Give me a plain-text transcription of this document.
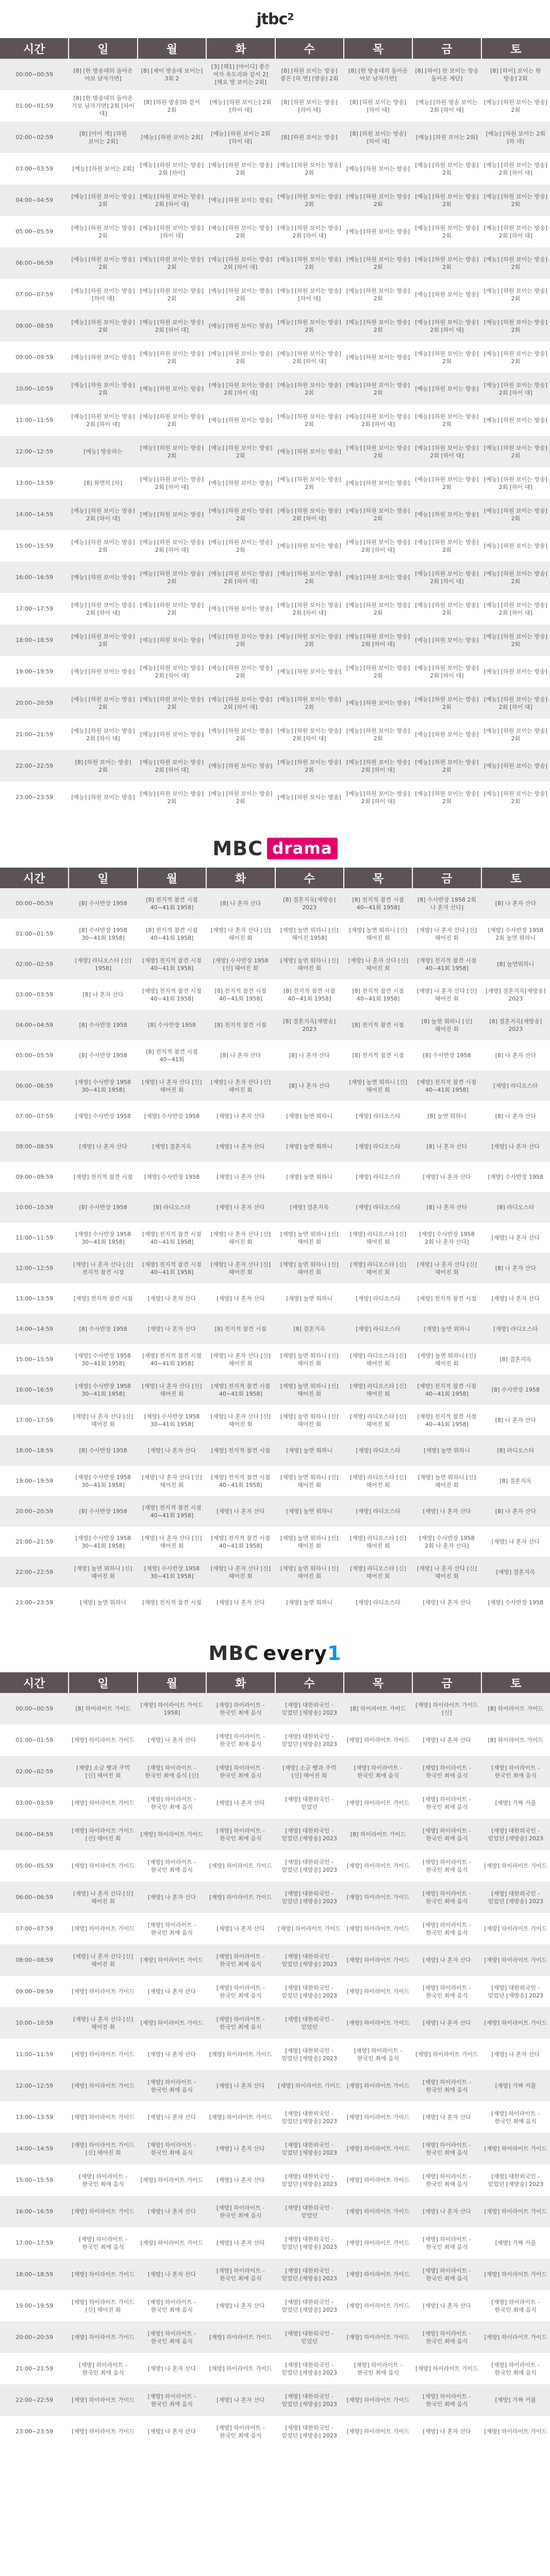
jtbc$^2$
시간	일	월	화	수	목	금	토
00:00~00:59	[8] [한 방송대의 돌아온 아보 남자가면]	[8] [제이 방송대 보이는] 3회 2	[3] [해1] [마이디] 좋은 여자 속도리와 같서 2] [해요 방 보이는 2회]	[8] [하원 보이는 방송] 좋은 [하 면] [방송] 2회	[8] [한 방송대의 돌아온 아보 남자가면]	[8] [하이] 한 보이는 방송 돌아온 계단]	[8] [하이] 보이는 한 방송] 2회
01:00~01:59	[8] [한 방송대의 돌아온 가보 남자가면] 2회 [하이 대]	[8] [하원 방송]와 같서 2회	[예능] [하원 보이는] 2회 [하이 대]	[8] [하원 보이는 방송] [하이 대]	[8] [하원 보이는 방송] [하이 대]	[예능] [하원 방송 보이는 2회 [하이 대]	[예능] [하원 보이는 방송] 2회
02:00~02:59	[8] [아이 계] [하원 보이는 2회]	[예능] [하원 보이는 2회]	[예능] [하원 보이는 2회 [하이 대]	[8] [하원 보이는 방송]	[8] [하원 보이는 방송] [하이 대]	[예능] [하원 보이는 2회]	[예능] [하원 보이는 2회 [하 대]
03:00~03:59	[예능] [하원 보이는 2회]	[예능] [하원 보이는 방송] 2회 [하이]	[예능] [하원 보이는 방송] 2회	[예능] [하원 보이는 방송] 2회	[예능] [하원 보이는 방송]	[예능] [하원 보이는 방송] 2회	[예능] [하원 보이는 방송] 2회 [하이 대]
04:00~04:59	[예능] [하원 보이는 방송] 2회	[예능] [하원 보이는 방송] 2회 [하이 대]	[예능] [하원 보이는 방송]	[예능] [하원 보이는 방송] 2회	[예능] [하원 보이는 방송] 2회	[예능] [하원 보이는 방송] 2회	[예능] [하원 보이는 방송] 2회
05:00~05:59	[예능] [하원 보이는 방송] 2회	[예능] [하원 보이는 방송] [하이 대]	[예능] [하원 보이는 방송] 2회	[예능] [하원 보이는 방송] 2회 [하이 대]	[예능] [하원 보이는 방송]	[예능] [하원 보이는 방송] 2회	[예능] [하원 보이는 방송] 2회 [하이 대]
06:00~06:59	[예능] [하원 보이는 방송] 2회	[예능] [하원 보이는 방송] 2회	[예능] [하원 보이는 방송] 2회 [하이 대]	[예능] [하원 보이는 방송] 2회	[예능] [하원 보이는 방송] 2회	[예능] [하원 보이는 방송] 2회	[예능] [하원 보이는 방송] 2회
07:00~07:59	[예능] [하원 보이는 방송] [하이 대]	[예능] [하원 보이는 방송] 2회	[예능] [하원 보이는 방송] 2회	[예능] [하원 보이는 방송] [하이 대]	[예능] [하원 보이는 방송] 2회	[예능] [하원 보이는 방송]	[예능] [하원 보이는 방송] 2회
08:00~08:59	[예능] [하원 보이는 방송] 2회	[예능] [하원 보이는 방송] 2회 [하이 대]	[예능] [하원 보이는 방송]	[예능] [하원 보이는 방송] 2회	[예능] [하원 보이는 방송] 2회	[예능] [하원 보이는 방송] 2회 [하이 대]	[예능] [하원 보이는 방송] 2회
09:00~09:59	[예능] [하원 보이는 방송]	[예능] [하원 보이는 방송] 2회	[예능] [하원 보이는 방송] 2회	[예능] [하원 보이는 방송] 2회 [하이 대]	[예능] [하원 보이는 방송]	[예능] [하원 보이는 방송] 2회	[예능] [하원 보이는 방송] 2회
10:00~10:59	[예능] [하원 보이는 방송] 2회	[예능] [하원 보이는 방송]	[예능] [하원 보이는 방송] 2회 [하이 대]	[예능] [하원 보이는 방송] 2회	[예능] [하원 보이는 방송] 2회	[예능] [하원 보이는 방송]	[예능] [하원 보이는 방송] 2회 [하이 대]
11:00~11:59	[예능] [하원 보이는 방송] 2회 [하이 대]	[예능] [하원 보이는 방송] 2회	[예능] [하원 보이는 방송]	[예능] [하원 보이는 방송] 2회	[예능] [하원 보이는 방송] 2회 [하이 대]	[예능] [하원 보이는 방송] 2회	[예능] [하원 보이는 방송]
12:00~12:59	[예능] 방송하는	[예능] [하원 보이는 방송] 2회	[예능] [하원 보이는 방송] 2회	[예능] [하원 보이는 방송]	[예능] [하원 보이는 방송] 2회	[예능] [하원 보이는 방송] 2회 [하이 대]	[예능] [하원 보이는 방송] 2회
13:00~13:59	[8] 화면의 [하]	[예능] [하원 보이는 방송] 2회 [하이 대]	[예능] [하원 보이는 방송]	[예능] [하원 보이는 방송] 2회	[예능] [하원 보이는 방송]	[예능] [하원 보이는 방송] 2회	[예능] [하원 보이는 방송] 2회 [하이 대]
14:00~14:59	[예능] [하원 보이는 방송] 2회 [하이 대]	[예능] [하원 보이는 방송]	[예능] [하원 보이는 방송] 2회	[예능] [하원 보이는 방송] 2회 [하이 대]	[예능] [하원 보이는 방송] 2회	[예능] [하원 보이는 방송]	[예능] [하원 보이는 방송] 2회
15:00~15:59	[예능] [하원 보이는 방송] 2회	[예능] [하원 보이는 방송] 2회 [하이 대]	[예능] [하원 보이는 방송] 2회	[예능] [하원 보이는 방송]	[예능] [하원 보이는 방송] 2회 [하이 대]	[예능] [하원 보이는 방송] 2회	[예능] [하원 보이는 방송]
16:00~16:59	[예능] [하원 보이는 방송]	[예능] [하원 보이는 방송] 2회	[예능] [하원 보이는 방송] 2회 [하이 대]	[예능] [하원 보이는 방송] 2회	[예능] [하원 보이는 방송]	[예능] [하원 보이는 방송] 2회 [하이 대]	[예능] [하원 보이는 방송] 2회
17:00~17:59	[예능] [하원 보이는 방송] 2회 [하이 대]	[예능] [하원 보이는 방송] 2회	[예능] [하원 보이는 방송]	[예능] [하원 보이는 방송] 2회 [하이 대]	[예능] [하원 보이는 방송] 2회	[예능] [하원 보이는 방송] 2회	[예능] [하원 보이는 방송] 2회 [하이 대]
18:00~18:59	[예능] [하원 보이는 방송] 2회	[예능] [하원 보이는 방송]	[예능] [하원 보이는 방송] 2회	[예능] [하원 보이는 방송] 2회	[예능] [하원 보이는 방송] 2회 [하이 대]	[예능] [하원 보이는 방송]	[예능] [하원 보이는 방송] 2회
19:00~19:59	[예능] [하원 보이는 방송]	[예능] [하원 보이는 방송] 2회 [하이 대]	[예능] [하원 보이는 방송] 2회	[예능] [하원 보이는 방송]	[예능] [하원 보이는 방송] 2회	[예능] [하원 보이는 방송] 2회 [하이 대]	[예능] [하원 보이는 방송]
20:00~20:59	[예능] [하원 보이는 방송] 2회	[예능] [하원 보이는 방송] 2회	[예능] [하원 보이는 방송] 2회 [하이 대]	[예능] [하원 보이는 방송] 2회	[예능] [하원 보이는 방송]	[예능] [하원 보이는 방송] 2회	[예능] [하원 보이는 방송] 2회 [하이 대]
21:00~21:59	[예능] [하원 보이는 방송] 2회 [하이 대]	[예능] [하원 보이는 방송]	[예능] [하원 보이는 방송] 2회	[예능] [하원 보이는 방송] 2회 [하이 대]	[예능] [하원 보이는 방송] 2회	[예능] [하원 보이는 방송]	[예능] [하원 보이는 방송] 2회
22:00~22:59	[8] [하원 보이는 방송] 2회	[예능] [하원 보이는 방송] 2회 [하이 대]	[예능] [하원 보이는 방송]	[예능] [하원 보이는 방송] 2회	[예능] [하원 보이는 방송] 2회 [하이 대]	[예능] [하원 보이는 방송] 2회	[예능] [하원 보이는 방송]
23:00~23:59	[예능] [하원 보이는 방송]	[예능] [하원 보이는 방송] 2회	[예능] [하원 보이는 방송] 2회	[예능] [하원 보이는 방송]	[예능] [하원 보이는 방송] 2회 [하이 대]	[예능] [하원 보이는 방송] 2회	[예능] [하원 보이는 방송] 2회
MBC drama
시간	일	월	화	수	목	금	토
00:00~00:59	[8] 수사반장 1958	[8] 전지적 참견 시점 40~41회 1958]	[8] 나 혼자 산다	[8] 결혼지옥[재방송] 2023	[8] 전지적 참견 시점 40~41회 1958]	[8] 수사반장 1958 2회 나 혼자 산다]	[8] 나 혼자 산다
01:00~01:59	[8] 수사반장 1958 30~41회 1958]	[8] 전지적 참견 시점 40~41회 1958]	[재방] 나 혼자 산다 [신] 헤어진 회	[재방] 놀면 뭐하니 [신] 헤어진 1958]	[재방] 놀면 뭐하니 [신] 헤어진 회	[재방] 나 혼자 산다 [신] 헤어진 회	[재방] 수사반장 1958 2회 놀면 뭐하니
02:00~02:59	[재방] 라디오스타 [신] 1958]	[재방] 전지적 참견 시점 40~41회 1958]	[재방] 수사반장 1958 [신] 헤어진 회	[재방] 놀면 뭐하니 [신] 헤어진 회	[재방] 나 혼자 산다 [신] 헤어진 회	[재방] 전지적 참견 시점 40~41회 1958]	[8] 놀면뭐하니
03:00~03:59	[8] 나 혼자 산다	[재방] 전지적 참견 시점 40~41회 1958]	[8] 전지적 참견 시점 40~41회 1958]	[8] 전지적 참견 시점 40~41회 1958]	[8] 전지적 참견 시점 40~41회 1958]	[재방] 나 혼자 산다 [신] 헤어진 회	[재방] 결혼지옥[재방송] 2023
04:00~04:59	[8] 수사반장 1958	[8] 수사반장 1958	[8] 전지적 참견 시점	[8] 결혼지옥[재방송] 2023	[8] 전지적 참견 시점	[8] 놀면 뭐하니 [신] 헤어진 회	[8] 결혼지옥[재방송] 2023
05:00~05:59	[8] 수사반장 1958	[8] 전지적 참견 시점 40~41회	[8] 나 혼자 산다	[8] 나 혼자 산다	[8] 전지적 참견 시점	[8] 수사반장 1958	[8] 나 혼자 산다
06:00~06:59	[재방] 수사반장 1958 30~41회 1958]	[재방] 나 혼자 산다 [신] 헤어진 회	[재방] 나 혼자 산다 [신] 헤어진 회	[8] 나 혼자 산다	[재방] 놀면 뭐하니 [신] 헤어진 회	[재방] 전지적 참견 시점 40~41회 1958]	[재방] 라디오스타
07:00~07:59	[재방] 수사반장 1958	[재방] 수사반장 1958	[재방] 나 혼자 산다	[재방] 놀면 뭐하니	[재방] 라디오스타	[8] 놀면 뭐하니	[8] 나 혼자 산다
08:00~08:59	[재방] 나 혼자 산다	[재방] 결혼지옥	[재방] 나 혼자 산다	[재방] 놀면 뭐하니	[재방] 라디오스타	[8] 나 혼자 산다	[재방] 나 혼자 산다
09:00~09:59	[재방] 전지적 참견 시점	[재방] 수사반장 1958	[재방] 나 혼자 산다	[재방] 놀면 뭐하니	[재방] 라디오스타	[재방] 나 혼자 산다	[재방] 수사반장 1958
10:00~10:59	[8] 수사반장 1958	[8] 라디오스타	[재방] 나 혼자 산다	[재방] 결혼지옥	[재방] 라디오스타	[8] 나 혼자 산다	[8] 라디오스타
11:00~11:59	[재방] 수사반장 1958 30~41회 1958]	[재방] 전지적 참견 시점 40~41회 1958]	[재방] 나 혼자 산다 [신] 헤어진 회	[재방] 놀면 뭐하니 [신] 헤어진 회	[재방] 라디오스타 [신] 헤어진 회	[재방] 수사반장 1958 2회 나 혼자 산다]	[재방] 나 혼자 산다
12:00~12:59	[재방] 나 혼자 산다 [신] 전지적 참견 시점	[재방] 전지적 참견 시점 40~41회 1958]	[재방] 나 혼자 산다 [신] 헤어진 회	[재방] 놀면 뭐하니 [신] 헤어진 회	[재방] 라디오스타 [신] 헤어진 회	[재방] 나 혼자 산다 [신] 헤어진 회	[8] 나 혼자 산다
13:00~13:59	[재방] 전지적 참견 시점	[재방] 나 혼자 산다	[재방] 나 혼자 산다	[재방] 놀면 뭐하니	[재방] 라디오스타	[재방] 전지적 참견 시점	[재방] 나 혼자 산다
14:00~14:59	[8] 수사반장 1958	[재방] 나 혼자 산다	[8] 전지적 참견 시점	[8] 결혼지옥	[재방] 라디오스타	[재방] 놀면 뭐하니	[재방] 라디오스타
15:00~15:59	[재방] 수사반장 1958 30~41회 1958]	[재방] 전지적 참견 시점 40~41회 1958]	[재방] 나 혼자 산다 [신] 헤어진 회	[재방] 놀면 뭐하니 [신] 헤어진 회	[재방] 라디오스타 [신] 헤어진 회	[재방] 놀면 뭐하니 [신] 헤어진 회	[8] 결혼지옥
16:00~16:59	[재방] 수사반장 1958 30~41회 1958]	[재방] 나 혼자 산다 [신] 헤어진 회	[재방] 전지적 참견 시점 40~41회 1958]	[재방] 놀면 뭐하니 [신] 헤어진 회	[재방] 라디오스타 [신] 헤어진 회	[재방] 전지적 참견 시점 40~41회 1958]	[8] 수사반장 1958
17:00~17:59	[재방] 나 혼자 산다 [신] 헤어진 회	[재방] 수사반장 1958 30~41회 1958]	[재방] 나 혼자 산다 [신] 헤어진 회	[재방] 놀면 뭐하니 [신] 헤어진 회	[재방] 라디오스타 [신] 헤어진 회	[재방] 전지적 참견 시점 40~41회 1958]	[8] 나 혼자 산다
18:00~18:59	[8] 수사반장 1958	[재방] 나 혼자 산다	[재방] 전지적 참견 시점	[재방] 놀면 뭐하니	[재방] 라디오스타	[재방] 놀면 뭐하니	[8] 라디오스타
19:00~19:59	[재방] 수사반장 1958 30~41회 1958]	[재방] 나 혼자 산다 [신] 헤어진 회	[재방] 전지적 참견 시점 40~41회 1958]	[재방] 놀면 뭐하니 [신] 헤어진 회	[재방] 라디오스타 [신] 헤어진 회	[재방] 놀면 뭐하니 [신] 헤어진 회	[8] 결혼지옥
20:00~20:59	[8] 수사반장 1958	[재방] 전지적 참견 시점 40~41회 1958]	[재방] 나 혼자 산다	[재방] 놀면 뭐하니	[재방] 라디오스타	[재방] 나 혼자 산다	[8] 나 혼자 산다
21:00~21:59	[재방] 수사반장 1958 30~41회 1958]	[재방] 나 혼자 산다 [신] 헤어진 회	[재방] 전지적 참견 시점 40~41회 1958]	[재방] 놀면 뭐하니 [신] 헤어진 회	[재방] 라디오스타 [신] 헤어진 회	[재방] 수사반장 1958 2회 나 혼자 산다]	[재방] 나 혼자 산다
22:00~22:59	[재방] 놀면 뭐하니 [신] 헤어진 회	[재방] 수사반장 1958 30~41회 1958]	[재방] 나 혼자 산다 [신] 헤어진 회	[재방] 놀면 뭐하니 [신] 헤어진 회	[재방] 라디오스타 [신] 헤어진 회	[재방] 나 혼자 산다 [신] 헤어진 회	[재방] 결혼지옥
23:00~23:59	[재방] 놀면 뭐하니	[재방] 전지적 참견 시점	[재방] 나 혼자 산다	[재방] 놀면 뭐하니	[재방] 라디오스타	[재방] 나 혼자 산다	[재방] 수사반장 1958
MBC every 1
시간	일	월	화	수	목	금	토
00:00~00:59	[8] 하이라이트 가이드	[재방] 하이라이트 가이드 1958]	[재방] 하이라이트 - 한국인 최애 음식	[재방] 대한외국인 - 믿었던 [재방송] 2023	[8] 하이라이트 가이드	[재방] 하이라이트 가이드 [신]	[8] 하이라이트 가이드
01:00~01:59	[재방] 하이라이트 가이드	[재방] 나 혼자 산다	[재방] 하이라이트 - 한국인 최애 음식	[재방] 대한외국인 - 믿었던 [재방송] 2023	[재방] 하이라이트 가이드	[재방] 나 혼자 산다	[8] 하이라이트 가이드
02:00~02:59	[재방] 소금 빵과 주먹 [신] 헤어진 회	[재방] 하이라이트 - 한국인 최애 음식 [신]	[재방] 하이라이트 - 한국인 최애 음식	[재방] 소금 빵과 주먹 [신] 헤어진 회	[재방] 하이라이트 - 한국인 최애 음식	[재방] 하이라이트 - 한국인 최애 음식	[재방] 하이라이트 - 한국인 최애 음식
03:00~03:59	[재방] 하이라이트 가이드	[재방] 하이라이트 - 한국인 최애 음식	[재방] 나 혼자 산다	[재방] 대한외국인 - 믿었던	[재방] 하이라이트 가이드	[재방] 하이라이트 - 한국인 최애 음식	[재방] 가짜 커플
04:00~04:59	[재방] 하이라이트 가이드 [신] 헤어진 회	[재방] 하이라이트 가이드	[재방] 하이라이트 - 한국인 최애 음식	[재방] 대한외국인 - 믿었던 [재방송] 2023	[8] 하이라이트 가이드	[재방] 하이라이트 - 한국인 최애 음식	[재방] 대한외국인 - 믿었던 [재방송] 2023
05:00~05:59	[재방] 하이라이트 가이드	[재방] 하이라이트 - 한국인 최애 음식	[재방] 하이라이트 가이드	[재방] 대한외국인 - 믿었던 [재방송] 2023	[재방] 하이라이트 가이드	[재방] 하이라이트 - 한국인 최애 음식	[재방] 하이라이트 가이드
06:00~06:59	[재방] 나 혼자 산다 [신] 헤어진 회	[재방] 나 혼자 산다	[재방] 하이라이트 가이드	[재방] 대한외국인 - 믿었던 [재방송] 2023	[재방] 하이라이트 가이드	[재방] 하이라이트 - 한국인 최애 음식	[재방] 대한외국인 - 믿었던 [재방송] 2023
07:00~07:59	[재방] 하이라이트 가이드	[재방] 하이라이트 - 한국인 최애 음식	[재방] 나 혼자 산다	[재방] 하이라이트 가이드	[재방] 하이라이트 가이드	[재방] 하이라이트 - 한국인 최애 음식	[재방] 하이라이트 가이드
08:00~08:59	[재방] 나 혼자 산다 [신] 헤어진 회	[재방] 하이라이트 가이드	[재방] 하이라이트 - 한국인 최애 음식	[재방] 대한외국인 - 믿었던 [재방송] 2023	[재방] 하이라이트 가이드	[재방] 나 혼자 산다	[재방] 하이라이트 가이드
09:00~09:59	[재방] 하이라이트 가이드	[재방] 나 혼자 산다	[재방] 하이라이트 - 한국인 최애 음식	[재방] 대한외국인 - 믿었던 [재방송] 2023	[재방] 하이라이트 가이드	[재방] 하이라이트 - 한국인 최애 음식	[재방] 대한외국인 - 믿었던 [재방송] 2023
10:00~10:59	[재방] 나 혼자 산다 [신] 헤어진 회	[재방] 하이라이트 가이드	[재방] 하이라이트 - 한국인 최애 음식	[재방] 대한외국인 - 믿었던	[재방] 하이라이트 가이드	[재방] 나 혼자 산다	[재방] 하이라이트 가이드
11:00~11:59	[재방] 하이라이트 가이드	[재방] 나 혼자 산다	[재방] 하이라이트 가이드	[재방] 대한외국인 - 믿었던 [재방송] 2023	[재방] 하이라이트 - 한국인 최애 음식	[재방] 하이라이트 가이드	[재방] 나 혼자 산다
12:00~12:59	[재방] 하이라이트 가이드	[재방] 하이라이트 - 한국인 최애 음식	[재방] 나 혼자 산다	[재방] 하이라이트 가이드	[재방] 하이라이트 가이드	[재방] 하이라이트 - 한국인 최애 음식	[재방] 가짜 커플
13:00~13:59	[재방] 하이라이트 가이드	[재방] 나 혼자 산다	[재방] 하이라이트 가이드	[재방] 대한외국인 - 믿었던 [재방송] 2023	[재방] 하이라이트 가이드	[재방] 나 혼자 산다	[재방] 하이라이트 - 한국인 최애 음식
14:00~14:59	[재방] 하이라이트 가이드 [신] 헤어진 회	[재방] 하이라이트 - 한국인 최애 음식	[재방] 나 혼자 산다	[재방] 대한외국인 - 믿었던 [재방송] 2023	[재방] 하이라이트 가이드	[재방] 하이라이트 - 한국인 최애 음식	[재방] 하이라이트 가이드
15:00~15:59	[재방] 하이라이트 - 한국인 최애 음식	[재방] 하이라이트 가이드	[재방] 나 혼자 산다	[재방] 대한외국인 - 믿었던 [재방송] 2023	[재방] 하이라이트 가이드	[재방] 하이라이트 - 한국인 최애 음식	[재방] 대한외국인 - 믿었던 [재방송] 2023
16:00~16:59	[재방] 하이라이트 가이드	[재방] 나 혼자 산다	[재방] 하이라이트 - 한국인 최애 음식	[재방] 대한외국인 - 믿었던	[재방] 하이라이트 가이드	[재방] 나 혼자 산다	[재방] 하이라이트 가이드
17:00~17:59	[재방] 하이라이트 - 한국인 최애 음식	[재방] 하이라이트 가이드	[재방] 나 혼자 산다	[재방] 대한외국인 - 믿었던 [재방송] 2023	[재방] 하이라이트 가이드	[재방] 하이라이트 - 한국인 최애 음식	[재방] 가짜 커플
18:00~18:59	[재방] 하이라이트 가이드	[재방] 나 혼자 산다	[재방] 하이라이트 - 한국인 최애 음식	[재방] 대한외국인 - 믿었던 [재방송] 2023	[재방] 하이라이트 가이드	[재방] 하이라이트 - 한국인 최애 음식	[재방] 하이라이트 가이드
19:00~19:59	[재방] 하이라이트 가이드 [신] 헤어진 회	[재방] 하이라이트 - 한국인 최애 음식	[재방] 나 혼자 산다	[재방] 대한외국인 - 믿었던 [재방송] 2023	[재방] 하이라이트 가이드	[재방] 나 혼자 산다	[재방] 하이라이트 - 한국인 최애 음식
20:00~20:59	[재방] 하이라이트 가이드	[재방] 하이라이트 - 한국인 최애 음식	[재방] 하이라이트 가이드	[재방] 대한외국인 - 믿었던	[재방] 하이라이트 가이드	[재방] 하이라이트 - 한국인 최애 음식	[재방] 하이라이트 가이드
21:00~21:59	[재방] 하이라이트 - 한국인 최애 음식	[재방] 나 혼자 산다	[재방] 하이라이트 가이드	[재방] 대한외국인 - 믿었던 [재방송] 2023	[재방] 하이라이트 - 한국인 최애 음식	[재방] 하이라이트 가이드	[재방] 하이라이트 - 한국인 최애 음식
22:00~22:59	[재방] 하이라이트 가이드	[재방] 하이라이트 - 한국인 최애 음식	[재방] 나 혼자 산다	[재방] 대한외국인 - 믿었던 [재방송] 2023	[재방] 하이라이트 가이드	[재방] 하이라이트 - 한국인 최애 음식	[재방] 가짜 커플
23:00~23:59	[재방] 하이라이트 가이드	[재방] 나 혼자 산다	[재방] 하이라이트 - 한국인 최애 음식	[재방] 대한외국인 - 믿었던 [재방송] 2023	[재방] 하이라이트 가이드	[재방] 나 혼자 산다	[재방] 하이라이트 가이드
